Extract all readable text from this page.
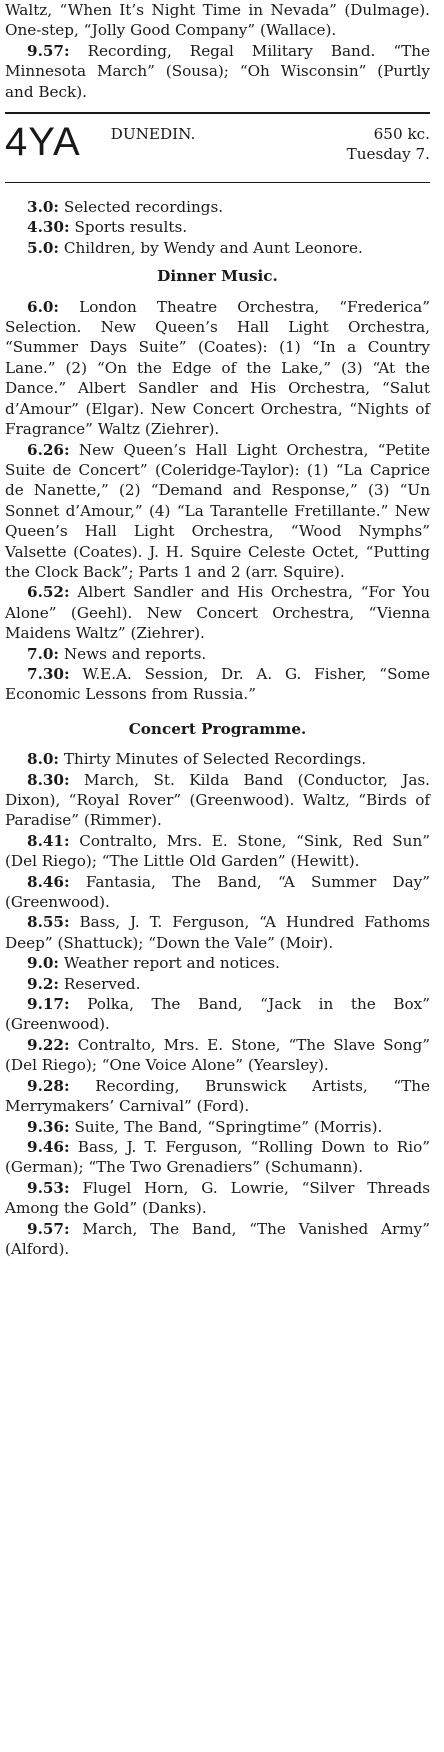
Waltz, “When It’s Night Time in Nevada” (Dulmage). One-step, “Jolly Good Company” (Wallace).

9.57: Recording, Regal Military Band. “The Minnesota March” (Sousa); “Oh Wisconsin” (Purtly and Beck).

4YA DUNEDIN.	650 kc.
Tuesday 7.

3.0: Selected recordings.

4.30: Sports results.

5.0: Children, by Wendy and Aunt Leonore.

Dinner Music.

6.0: London Theatre Orchestra, “Frederica” Selection. New Queen’s Hall Light Orchestra, “Summer Days Suite” (Coates): (1) “In a Country Lane.” (2) “On the Edge of the Lake,” (3) “At the Dance.” Albert Sandler and His Orchestra, “Salut d’Amour” (Elgar). New Concert Orchestra, “Nights of Fragrance” Waltz (Ziehrer).

6.26: New Queen’s Hall Light Orchestra, “Petite Suite de Concert” (Coleridge-Taylor): (1) “La Caprice de Nanette,” (2) “Demand and Response,” (3) “Un Sonnet d’Amour,” (4) “La Tarantelle Fretillante.” New Queen’s Hall Light Orchestra, “Wood Nymphs” Valsette (Coates). J. H. Squire Celeste Octet, “Putting the Clock Back”; Parts 1 and 2 (arr. Squire).

6.52: Albert Sandler and His Orchestra, “For You Alone” (Geehl). New Concert Orchestra, “Vienna Maidens Waltz” (Ziehrer).

7.0: News and reports.

7.30: W.E.A. Session, Dr. A. G. Fisher, “Some Economic Lessons from Russia.”

Concert Programme.

8.0: Thirty Minutes of Selected Recordings.

8.30: March, St. Kilda Band (Conductor, Jas. Dixon), “Royal Rover” (Greenwood). Waltz, “Birds of Paradise” (Rimmer).

8.41: Contralto, Mrs. E. Stone, “Sink, Red Sun” (Del Riego); “The Little Old Garden” (Hewitt).

8.46: Fantasia, The Band, “A Summer Day” (Greenwood).

8.55: Bass, J. T. Ferguson, “A Hundred Fathoms Deep” (Shattuck); “Down the Vale” (Moir).

9.0: Weather report and notices.

9.2: Reserved.

9.17: Polka, The Band, “Jack in the Box” (Greenwood).

9.22: Contralto, Mrs. E. Stone, “The Slave Song” (Del Riego); “One Voice Alone” (Yearsley).

9.28: Recording, Brunswick Artists, “The Merrymakers’ Carnival” (Ford).

9.36: Suite, The Band, “Springtime” (Morris).

9.46: Bass, J. T. Ferguson, “Rolling Down to Rio” (German); “The Two Grenadiers” (Schumann).

9.53: Flugel Horn, G. Lowrie, “Silver Threads Among the Gold” (Danks).

9.57: March, The Band, “The Vanished Army” (Alford).
